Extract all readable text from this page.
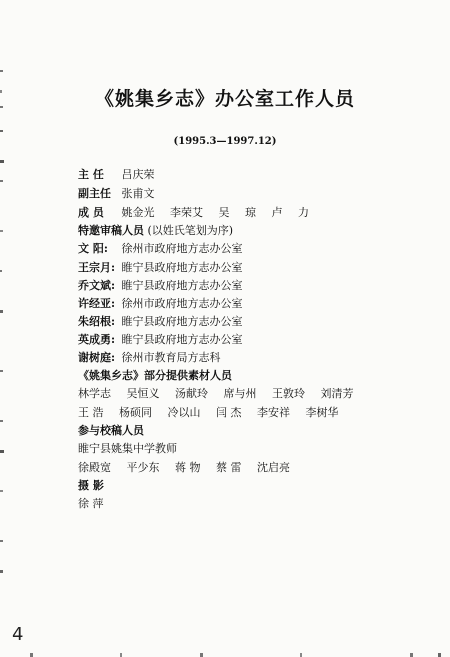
《姚集乡志》办公室工作人员
(1995.3—1997.12)
主 任 吕庆荣
副主任 张甫文
成 员 姚金光 李荣艾 吴 琼 卢 力
特邀审稿人员 (以姓氏笔划为序)
文 阳: 徐州市政府地方志办公室
王宗月: 睢宁县政府地方志办公室
乔文斌: 睢宁县政府地方志办公室
许经亚: 徐州市政府地方志办公室
朱绍根: 睢宁县政府地方志办公室
英成勇: 睢宁县政府地方志办公室
谢树庭: 徐州市教育局方志科
《姚集乡志》部分提供素材人员
林学志 吴恒义 汤献玲 席与州 王敦玲 刘清芳
王 浩 杨硕同 冷以山 闫 杰 李安祥 李树华
参与校稿人员
睢宁县姚集中学教师
徐殿宽 平少东 蒋 物 蔡 雷 沈启亮
摄 影
徐 萍
4
